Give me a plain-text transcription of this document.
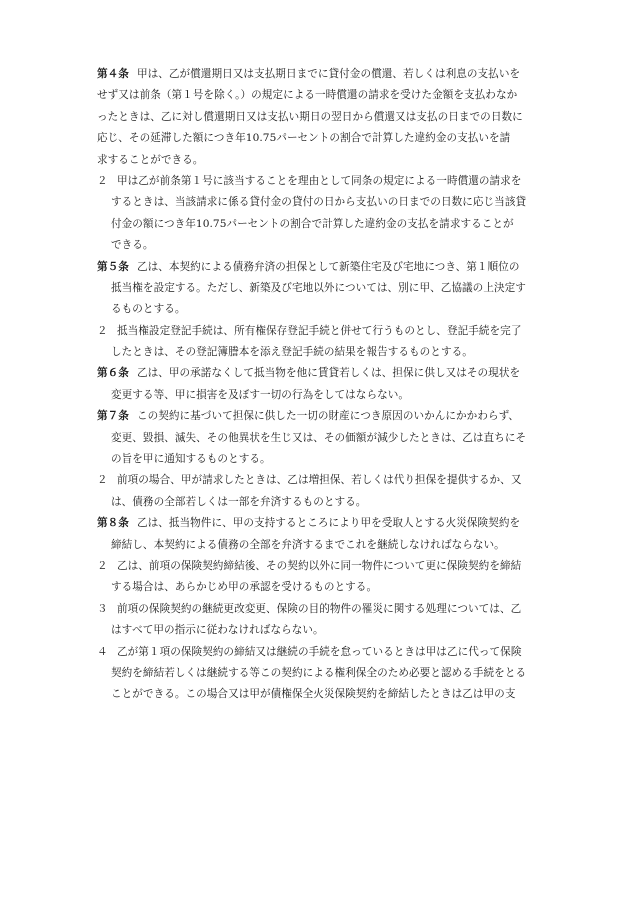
第４条 甲は、乙が償還期日又は支払期日までに貸付金の償還、若しくは利息の支払いを
せず又は前条（第１号を除く。）の規定による一時償還の請求を受けた金額を支払わなか
ったときは、乙に対し償還期日又は支払い期日の翌日から償還又は支払の日までの日数に
応じ、その延滞した額につき年10.75パーセントの割合で計算した違約金の支払いを請
求することができる。
２ 甲は乙が前条第１号に該当することを理由として同条の規定による一時償還の請求を
するときは、当該請求に係る貸付金の貸付の日から支払いの日までの日数に応じ当該貸
付金の額につき年10.75パーセントの割合で計算した違約金の支払を請求することが
できる。
第５条 乙は、本契約による債務弁済の担保として新築住宅及び宅地につき、第１順位の
抵当権を設定する。ただし、新築及び宅地以外については、別に甲、乙協議の上決定す
るものとする。
２ 抵当権設定登記手続は、所有権保存登記手続と併せて行うものとし、登記手続を完了
したときは、その登記簿謄本を添え登記手続の結果を報告するものとする。
第６条 乙は、甲の承諾なくして抵当物を他に賃貸若しくは、担保に供し又はその現状を
変更する等、甲に損害を及ぼす一切の行為をしてはならない。
第７条 この契約に基づいて担保に供した一切の財産につき原因のいかんにかかわらず、
変更、毀損、滅失、その他異状を生じ又は、その価額が減少したときは、乙は直ちにそ
の旨を甲に通知するものとする。
２ 前項の場合、甲が請求したときは、乙は増担保、若しくは代り担保を提供するか、又
は、債務の全部若しくは一部を弁済するものとする。
第８条 乙は、抵当物件に、甲の支持するところにより甲を受取人とする火災保険契約を
締結し、本契約による債務の全部を弁済するまでこれを継続しなければならない。
２ 乙は、前項の保険契約締結後、その契約以外に同一物件について更に保険契約を締結
する場合は、あらかじめ甲の承認を受けるものとする。
３ 前項の保険契約の継続更改変更、保険の目的物件の罹災に関する処理については、乙
はすべて甲の指示に従わなければならない。
４ 乙が第１項の保険契約の締結又は継続の手続を怠っているときは甲は乙に代って保険
契約を締結若しくは継続する等この契約による権利保全のため必要と認める手続をとる
ことができる。この場合又は甲が債権保全火災保険契約を締結したときは乙は甲の支
